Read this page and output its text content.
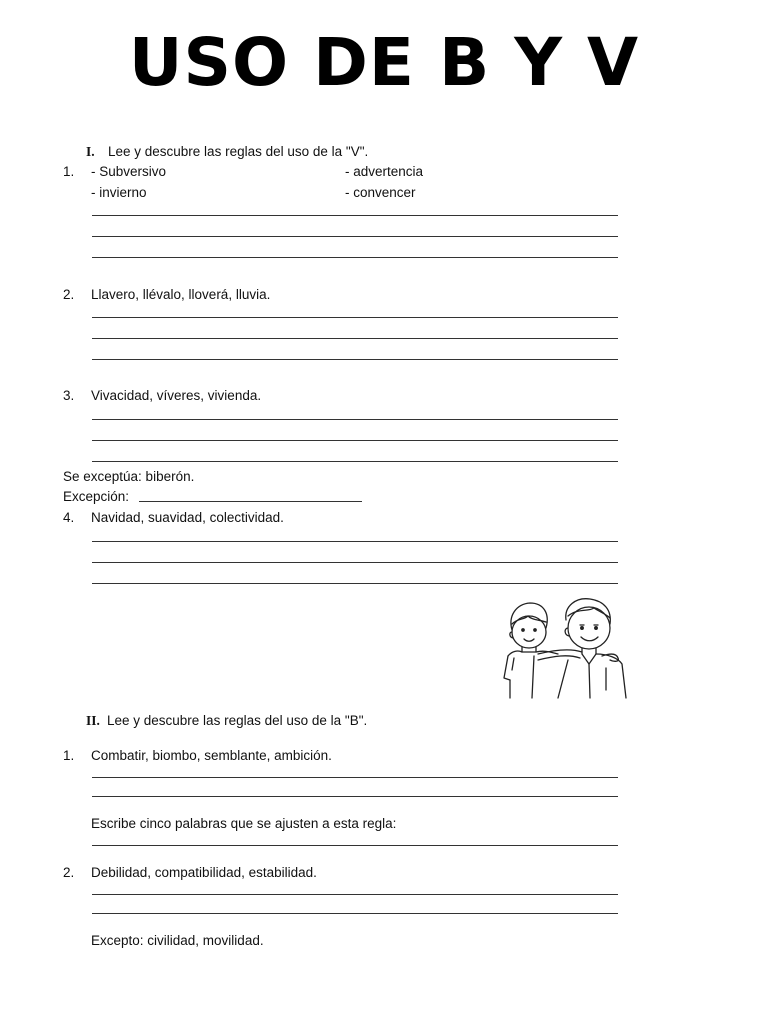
USO DE B Y V
I. Lee y descubre las reglas del uso de la "V".
1. - Subversivo	- advertencia
- invierno	- convencer
2. Llavero, llévalo, lloverá, lluvia.
3. Vivacidad, víveres, vivienda.
Se exceptúa: biberón.
Excepción:
4. Navidad, suavidad, colectividad.
II. Lee y descubre las reglas del uso de la "B".
1. Combatir, biombo, semblante, ambición.
Escribe cinco palabras que se ajusten a esta regla:
2. Debilidad, compatibilidad, estabilidad.
Excepto: civilidad, movilidad.
